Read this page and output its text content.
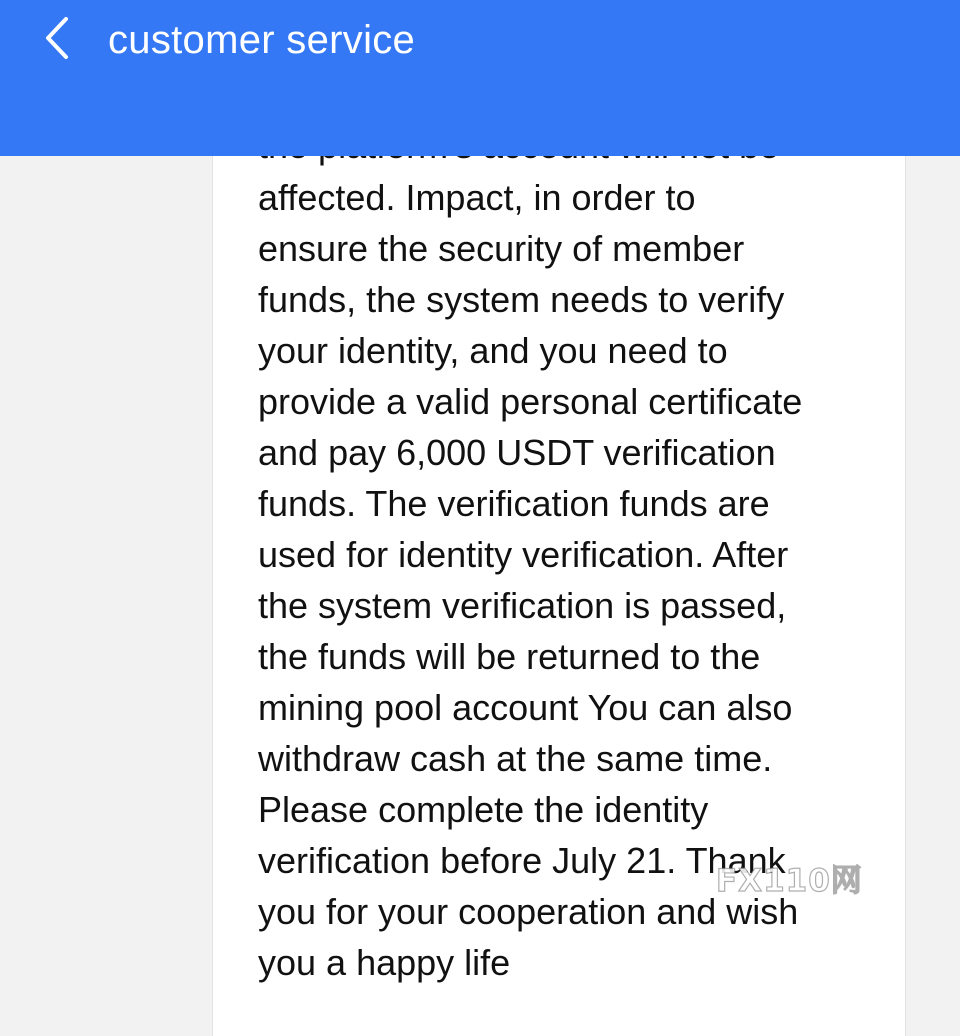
customer service
affected. Impact, in order to
ensure the security of member
funds, the system needs to verify
your identity, and you need to
provide a valid personal certificate
and pay 6,000 USDT verification
funds. The verification funds are
used for identity verification. After
the system verification is passed,
the funds will be returned to the
mining pool account You can also
withdraw cash at the same time.
Please complete the identity
verification before July 21. Thank
you for your cooperation and wish
you a happy life
FX110网
